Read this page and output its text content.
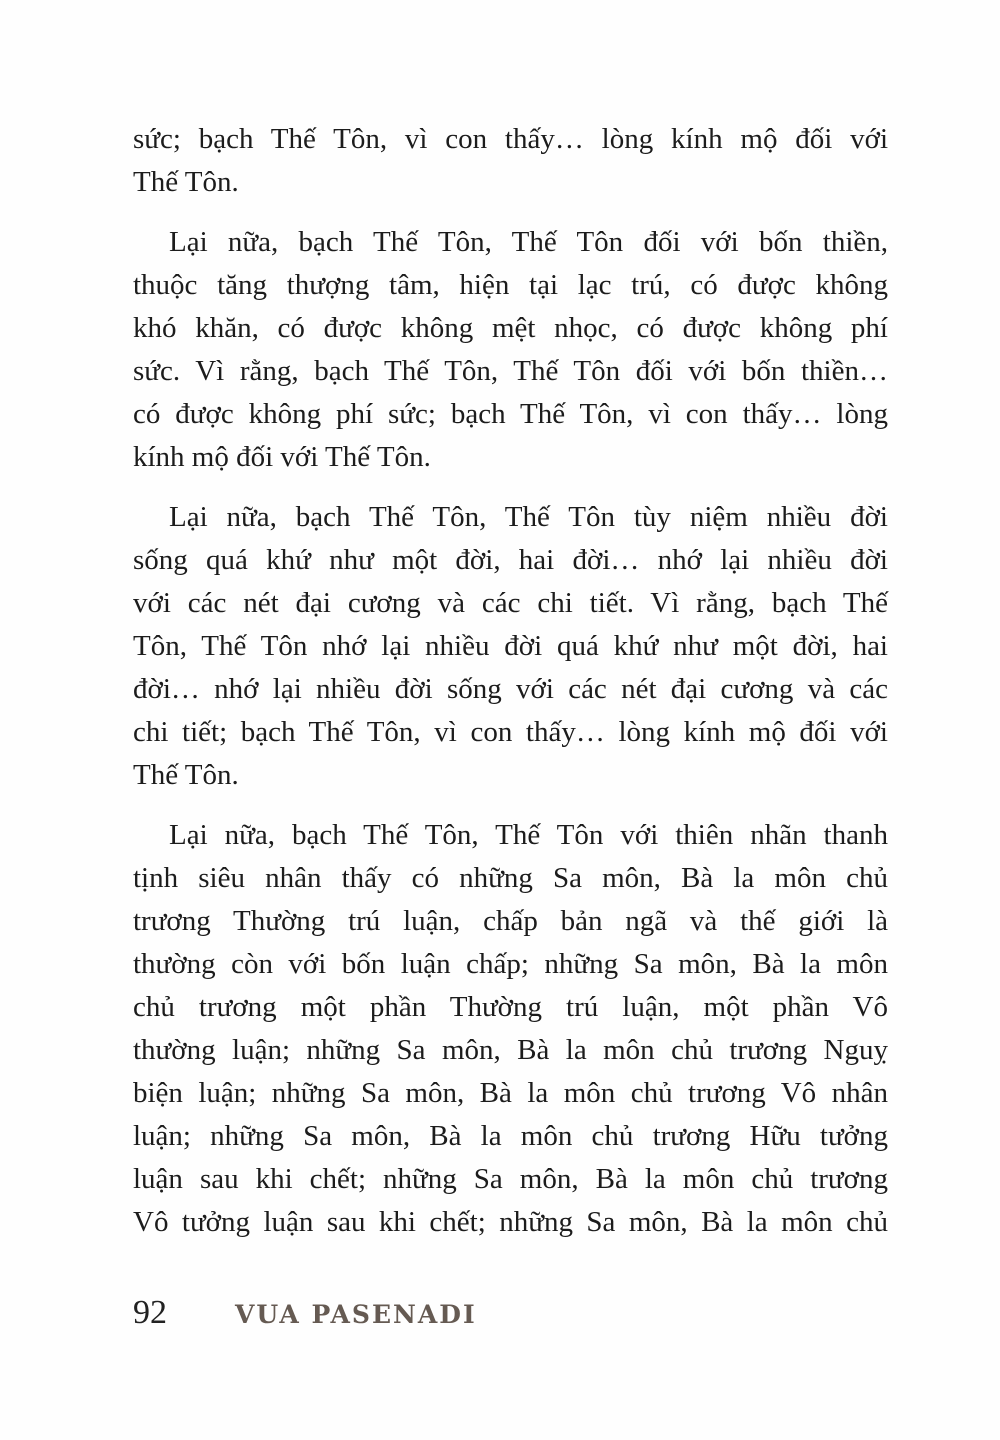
sức; bạch Thế Tôn, vì con thấy… lòng kính mộ đối với
Thế Tôn.

Lại nữa, bạch Thế Tôn, Thế Tôn đối với bốn thiền,
thuộc tăng thượng tâm, hiện tại lạc trú, có được không
khó khăn, có được không mệt nhọc, có được không phí
sức. Vì rằng, bạch Thế Tôn, Thế Tôn đối với bốn thiền…
có được không phí sức; bạch Thế Tôn, vì con thấy… lòng
kính mộ đối với Thế Tôn.

Lại nữa, bạch Thế Tôn, Thế Tôn tùy niệm nhiều đời
sống quá khứ như một đời, hai đời… nhớ lại nhiều đời
với các nét đại cương và các chi tiết. Vì rằng, bạch Thế
Tôn, Thế Tôn nhớ lại nhiều đời quá khứ như một đời, hai
đời… nhớ lại nhiều đời sống với các nét đại cương và các
chi tiết; bạch Thế Tôn, vì con thấy… lòng kính mộ đối với
Thế Tôn.

Lại nữa, bạch Thế Tôn, Thế Tôn với thiên nhãn thanh
tịnh siêu nhân thấy có những Sa môn, Bà la môn chủ
trương Thường trú luận, chấp bản ngã và thế giới là
thường còn với bốn luận chấp; những Sa môn, Bà la môn
chủ trương một phần Thường trú luận, một phần Vô
thường luận; những Sa môn, Bà la môn chủ trương Nguỵ
biện luận; những Sa môn, Bà la môn chủ trương Vô nhân
luận; những Sa môn, Bà la môn chủ trương Hữu tưởng
luận sau khi chết; những Sa môn, Bà la môn chủ trương
Vô tưởng luận sau khi chết; những Sa môn, Bà la môn chủ

92	VUA PASENADI
